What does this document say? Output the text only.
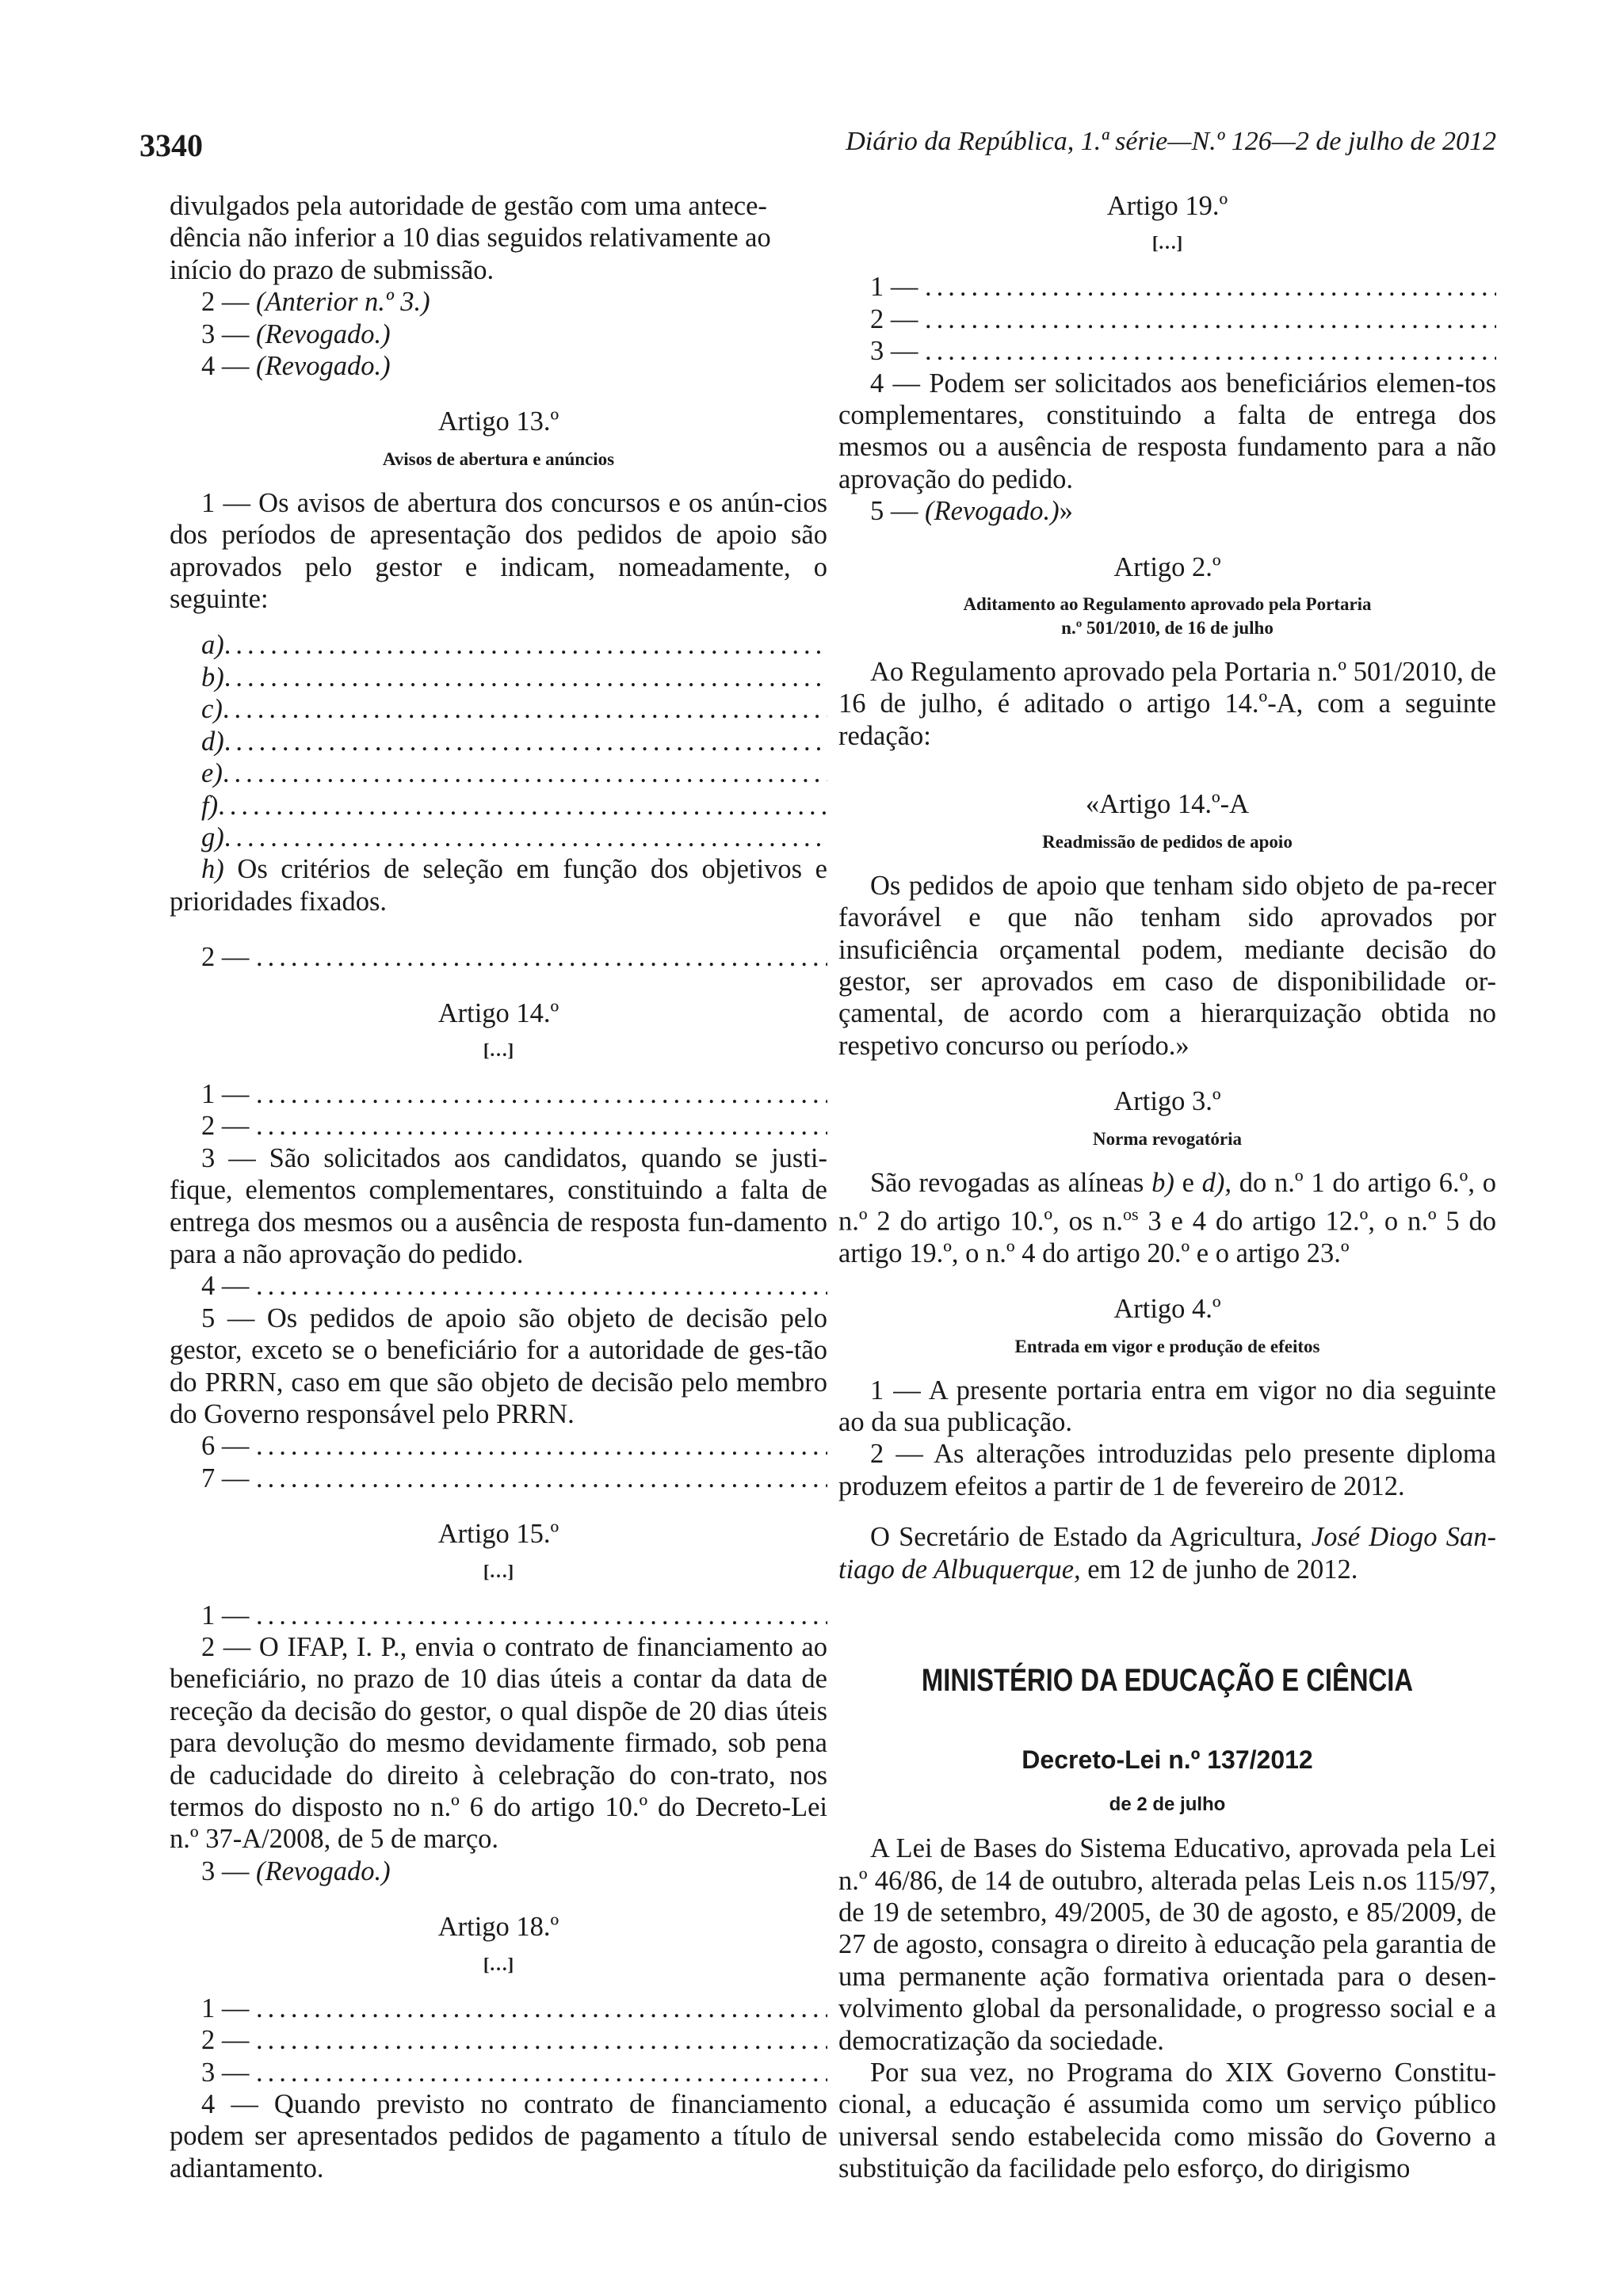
3340	Diário da República, 1.ª série—N.º 126—2 de julho de 2012

divulgados pela autoridade de gestão com uma antece-

dência não inferior a 10 dias seguidos relativamente ao

início do prazo de submissão.

2 — (Anterior n.º 3.)

3 — (Revogado.)

4 — (Revogado.)

Artigo 13.º

Avisos de abertura e anúncios

1 — Os avisos de abertura dos concursos e os anún-cios dos períodos de apresentação dos pedidos de apoio são aprovados pelo gestor e indicam, nomeadamente, o seguinte:

a)
.....

b)
.....

c)
.....

d)
.....

e)
.....

f)
.....

g)
.....

h) Os critérios de seleção em função dos objetivos e prioridades fixados.

2 —
.....

Artigo 14.º

[…]

1 —
.....

2 —
.....

3 — São solicitados aos candidatos, quando se justi-fique, elementos complementares, constituindo a falta de entrega dos mesmos ou a ausência de resposta fun-damento para a não aprovação do pedido.

4 —
.....

5 — Os pedidos de apoio são objeto de decisão pelo gestor, exceto se o beneficiário for a autoridade de ges-tão do PRRN, caso em que são objeto de decisão pelo membro do Governo responsável pelo PRRN.

6 —
.....

7 —
.....

Artigo 15.º

[…]

1 —
.....

2 — O IFAP, I. P., envia o contrato de financiamento ao beneficiário, no prazo de 10 dias úteis a contar da data de receção da decisão do gestor, o qual dispõe de 20 dias úteis para devolução do mesmo devidamente firmado, sob pena de caducidade do direito à celebração do con-trato, nos termos do disposto no n.º 6 do artigo 10.º do Decreto-Lei n.º 37-A/2008, de 5 de março.

3 — (Revogado.)

Artigo 18.º

[…]

1 —
.....

2 —
.....

3 —
.....

4 — Quando previsto no contrato de financiamento podem ser apresentados pedidos de pagamento a título de adiantamento.

Artigo 19.º

[…]

1 —
.....

2 —
.....

3 —
.....

4 — Podem ser solicitados aos beneficiários elemen-tos complementares, constituindo a falta de entrega dos mesmos ou a ausência de resposta fundamento para a não aprovação do pedido.

5 — (Revogado.)»

Artigo 2.º

Aditamento ao Regulamento aprovado pela Portaria
n.º 501/2010, de 16 de julho

Ao Regulamento aprovado pela Portaria n.º 501/2010, de 16 de julho, é aditado o artigo 14.º-A, com a seguinte redação:

«Artigo 14.º-A

Readmissão de pedidos de apoio

Os pedidos de apoio que tenham sido objeto de pa-recer favorável e que não tenham sido aprovados por insuficiência orçamental podem, mediante decisão do gestor, ser aprovados em caso de disponibilidade or-çamental, de acordo com a hierarquização obtida no respetivo concurso ou período.»

Artigo 3.º

Norma revogatória

São revogadas as alíneas b) e d), do n.º 1 do artigo 6.º, o n.º 2 do artigo 10.º, os n.$^{os}$ 3 e 4 do artigo 12.º, o n.º 5 do artigo 19.º, o n.º 4 do artigo 20.º e o artigo 23.º

Artigo 4.º

Entrada em vigor e produção de efeitos

1 — A presente portaria entra em vigor no dia seguinte ao da sua publicação.

2 — As alterações introduzidas pelo presente diploma produzem efeitos a partir de 1 de fevereiro de 2012.

O Secretário de Estado da Agricultura, José Diogo San-tiago de Albuquerque, em 12 de junho de 2012.

MINISTÉRIO DA EDUCAÇÃO E CIÊNCIA

Decreto-Lei n.º 137/2012

de 2 de julho

A Lei de Bases do Sistema Educativo, aprovada pela Lei n.º 46/86, de 14 de outubro, alterada pelas Leis n.os 115/97, de 19 de setembro, 49/2005, de 30 de agosto, e 85/2009, de 27 de agosto, consagra o direito à educação pela garantia de uma permanente ação formativa orientada para o desen-volvimento global da personalidade, o progresso social e a democratização da sociedade.

Por sua vez, no Programa do XIX Governo Constitu-cional, a educação é assumida como um serviço público universal sendo estabelecida como missão do Governo a substituição da facilidade pelo esforço, do dirigismo
